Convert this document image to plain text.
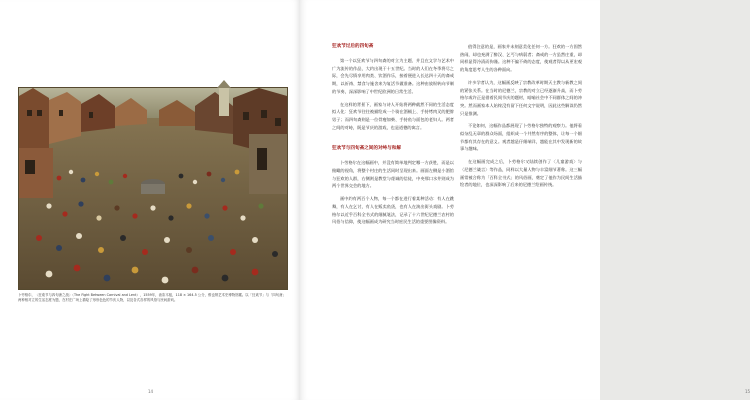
卜劳格尔，〈狂欢节与四旬斋之战〉（The Fight Between Carnival and Lent），1559年，油彩木板，118 × 164.5 公分，维也纳艺术史博物馆藏。以「狂欢节」与「四旬斋」两种相对立的生活态度为题，在村庄广场上描绘了形形色色的节庆人物，以及各式各样的风俗与民间游戏。
14
狂欢节过后的四旬斋

第一个以狂欢节与四旬斋的对立为主题、并且在文学与艺术中广为流传的作品，大约出现于十五世纪。当时的人们在冬季将尽之际，会先尽情享用肉类、饮酒作乐，接着便进入长达四十天的斋戒期，以祈祷、禁食与施舍来为复活节做准备。这种由放纵转向节制的节奏，深深影响了中世纪欧洲的日常生活。

在这样的背景下，画家与诗人开始将两种截然不同的生活态度拟人化：狂欢节往往被描绘成一个骑在酒桶上、手持烤肉叉的肥胖男子；而四旬斋则是一位骨瘦如柴、手持鱼与面包的老妇人。两者之间的对峙，既是节庆的游戏，也是道德的寓言。

狂欢节与四旬斋之间的对峙与和解

卜劳格尔在这幅画中，并没有简单地判定哪一方获胜，而是以俯瞰的视角，将整个村庄的生活同时呈现出来。画面左侧是小酒馆与狂欢的人群，右侧则是教堂与虔诚的信徒，中央那口水井则成为两个世界交会的地方。

画中约有两百个人物，每一个都在进行着某种活动：有人在跳舞，有人在乞讨，有人在贩卖鱼货，也有人在演出街头戏剧。卜劳格尔以近乎百科全书式的细腻笔法，记录了十六世纪尼德兰农村的风俗与信仰，使这幅画成为研究当时庶民生活的重要图像资料。

值得注意的是，画家并未刻意美化任何一方。狂欢的一方固然热闹，却也充满了醉汉、乞丐与病弱者；斋戒的一方虽然庄重，却同样显得冷清而拘谨。这种不偏不倚的态度，使观者得以从更宏观的角度思考人生的各种面向。

许多学者认为，这幅画反映了宗教改革时期天主教与新教之间的紧张关系。在当时的尼德兰，宗教的对立已经逐渐升高，而卜劳格尔或许正是借着民间节庆的题材，暗喻社会中不同群体之间的冲突。然而画家本人始终没有留下任何文字说明，因此这些解读仍然只是推测。

不论如何，这幅作品都展现了卜劳格尔独特的观察力。他将看似杂乱无章的群众场面，组织成一个井然有序的整体，让每一个细节都有其存在的意义。观者越是仔细端详，越能在其中发现新的故事与趣味。

在这幅画完成之后，卜劳格尔又陆续创作了〈儿童游戏〉与〈尼德兰箴言〉等作品，同样以大量人物与丰富细节著称。这三幅画常被合称为「百科全书式」的风俗画，奠定了他作为民间生活描绘者的地位，也深深影响了后来的尼德兰绘画传统。

15
